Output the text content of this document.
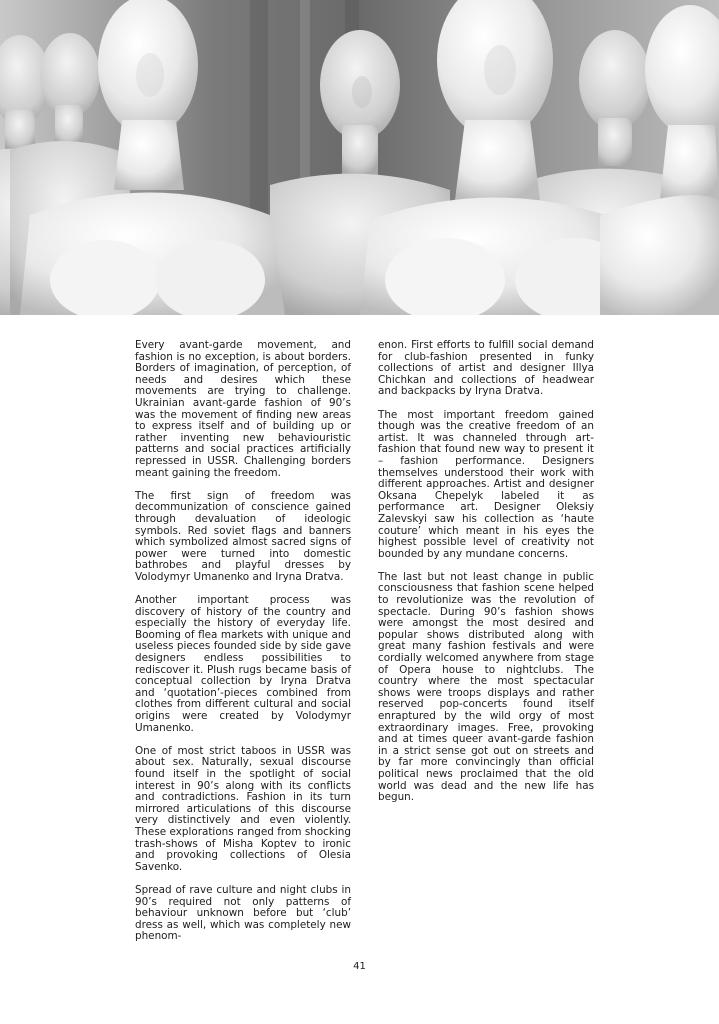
Every avant-garde movement, and fashion is no exception, is about borders. Borders of imagination, of perception, of needs and desires which these movements are trying to challenge. Ukrainian avant-garde fashion of 90’s was the movement of finding new areas to express itself and of building up or rather inventing new behaviouristic patterns and social practices artificially repressed in USSR. Challenging borders meant gaining the freedom.

The first sign of freedom was decommunization of conscience gained through devaluation of ideologic symbols. Red soviet flags and banners which symbolized almost sacred signs of power were turned into domestic bathrobes and playful dresses by Volodymyr Umanenko and Iryna Dratva.

Another important process was discovery of history of the country and especially the history of everyday life. Booming of flea markets with unique and useless pieces founded side by side gave designers endless possibilities to rediscover it. Plush rugs became basis of conceptual collection by Iryna Dratva and ‘quotation’-pieces combined from clothes from different cultural and social origins were created by Volodymyr Umanenko.

One of most strict taboos in USSR was about sex. Naturally, sexual discourse found itself in the spotlight of social interest in 90’s along with its conflicts and contradictions. Fashion in its turn mirrored articulations of this discourse very distinctively and even violently. These explorations ranged from shocking trash-shows of Misha Koptev to ironic and provoking collections of Olesia Savenko.

Spread of rave culture and night clubs in 90’s required not only patterns of behaviour unknown before but ‘club’ dress as well, which was completely new phenom-

enon. First efforts to fulfill social demand for club-fashion presented in funky collections of artist and designer Illya Chichkan and collections of headwear and backpacks by Iryna Dratva.

The most important freedom gained though was the creative freedom of an artist. It was channeled through art-fashion that found new way to present it – fashion performance. Designers themselves understood their work with different approaches. Artist and designer Oksana Chepelyk labeled it as performance art. Designer Oleksiy Zalevskyi saw his collection as ‘haute couture’ which meant in his eyes the highest possible level of creativity not bounded by any mundane concerns.

The last but not least change in public consciousness that fashion scene helped to revolutionize was the revolution of spectacle. During 90’s fashion shows were amongst the most desired and popular shows distributed along with great many fashion festivals and were cordially welcomed anywhere from stage of Opera house to nightclubs. The country where the most spectacular shows were troops displays and rather reserved pop-concerts found itself enraptured by the wild orgy of most extraordinary images. Free, provoking and at times queer avant-garde fashion in a strict sense got out on streets and by far more convincingly than official political news proclaimed that the old world was dead and the new life has begun.

41
